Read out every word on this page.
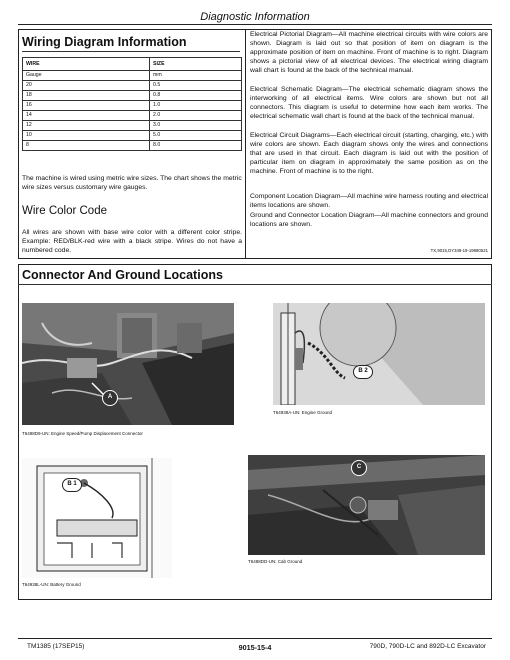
Diagnostic Information
Wiring Diagram Information
WIRE	SIZE
Gauge	mm
20	0.5
18	0.8
16	1.0
14	2.0
12	3.0
10	5.0
8	8.0
The machine is wired using metric wire sizes. The chart shows the metric wire sizes versus customary wire gauges.
Wire Color Code
All wires are shown with base wire color with a different color stripe. Example: RED/BLK-red wire with a black stripe. Wires do not have a numbered code.
Electrical Pictorial Diagram—All machine electrical circuits with wire colors are shown. Diagram is laid out so that position of item on diagram is the approximate position of item on machine. Front of machine is to right. Diagram shows a pictorial view of all electrical devices. The electrical wiring diagram wall chart is found at the back of the technical manual.
Electrical Schematic Diagram—The electrical schematic diagram shows the interworking of all electrical items. Wire colors are shown but not all connectors. This diagram is useful to determine how each item works. The electrical schematic wall chart is found at the back of the technical manual.
Electrical Circuit Diagrams—Each electrical circuit (starting, charging, etc.) with wire colors are shown. Each diagram shows only the wires and connections that are used in that circuit. Each diagram is laid out with the position of particular item on diagram in approximately the same position as on the machine. Front of machine is to the right.
Component Location Diagram—All machine wire harness routing and electrical items locations are shown.
Ground and Connector Location Diagram—All machine connectors and ground locations are shown.
TX,9015,DY349-19-19980521
Connector And Ground Locations
A
T6488D9-UN: Engine Speed/Pump Displacement Connector
B 2
T64938A-UN: Engine Ground
B 1
T64938L-UN: Battery Ground
C
T6488DD-UN: Cab Ground
TM1385 (17SEP15)	9015-15-4	790D, 790D-LC and 892D-LC Excavator
